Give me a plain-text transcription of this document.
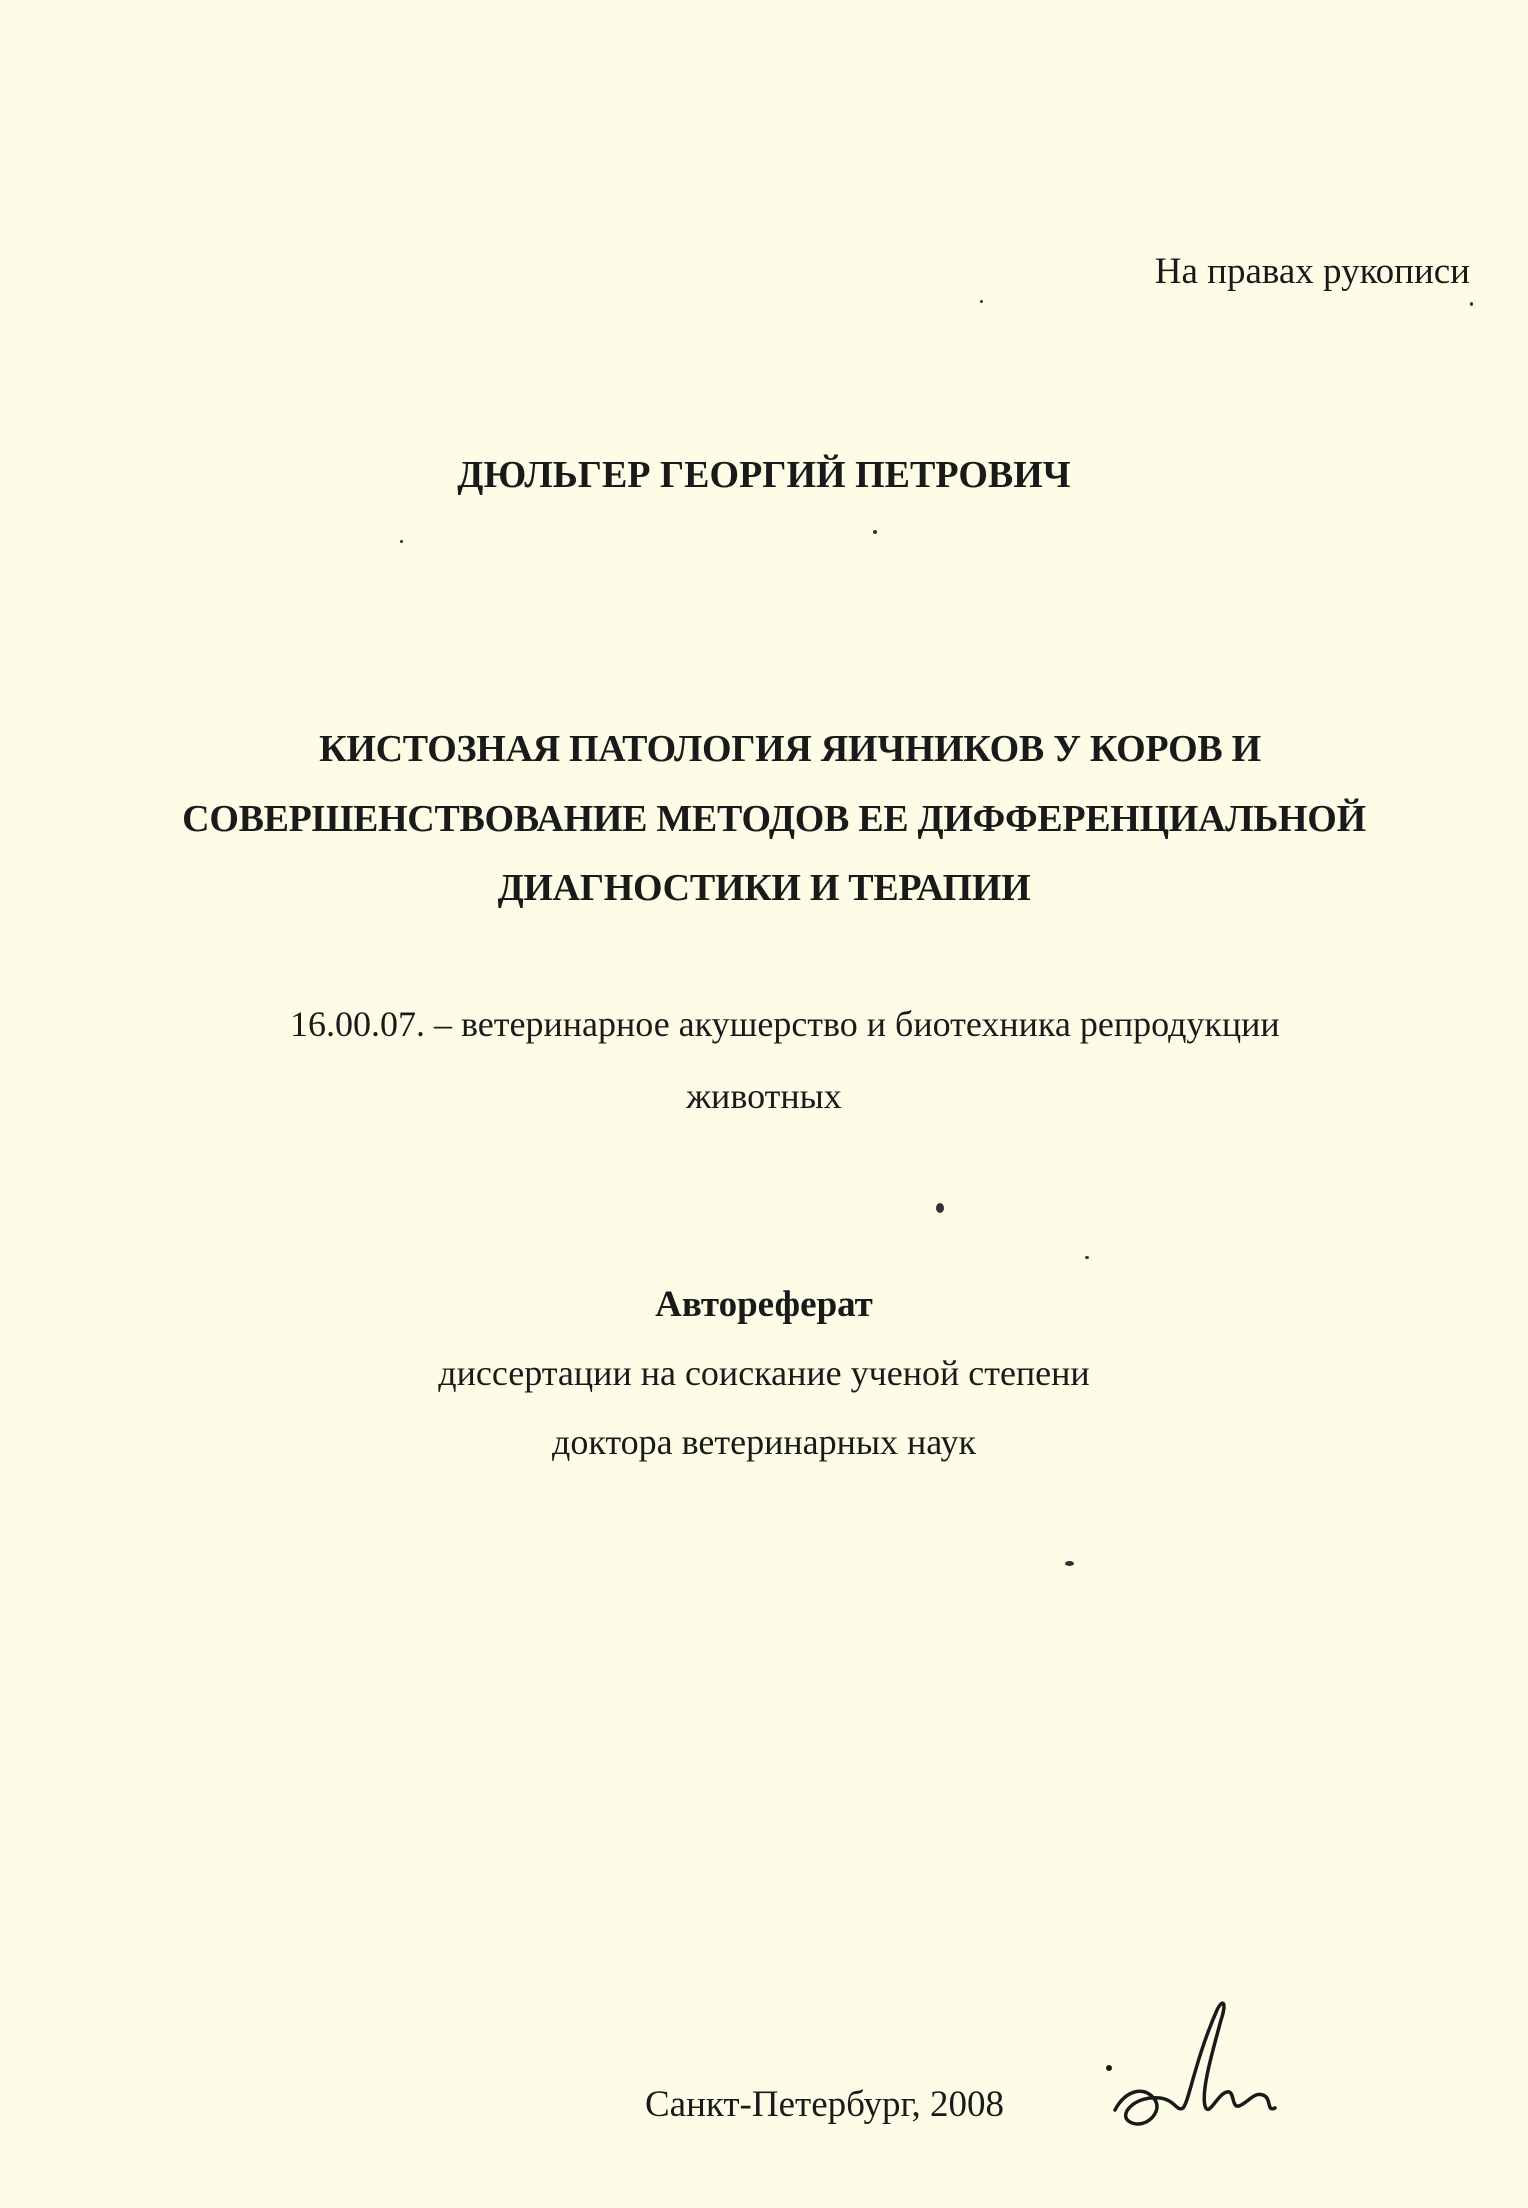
На правах рукописи

ДЮЛЬГЕР ГЕОРГИЙ ПЕТРОВИЧ

КИСТОЗНАЯ ПАТОЛОГИЯ ЯИЧНИКОВ У КОРОВ И

СОВЕРШЕНСТВОВАНИЕ МЕТОДОВ ЕЕ ДИФФЕРЕНЦИАЛЬНОЙ

ДИАГНОСТИКИ И ТЕРАПИИ

16.00.07. – ветеринарное акушерство и биотехника репродукции

животных

Автореферат

диссертации на соискание ученой степени

доктора ветеринарных наук

Санкт-Петербург, 2008
